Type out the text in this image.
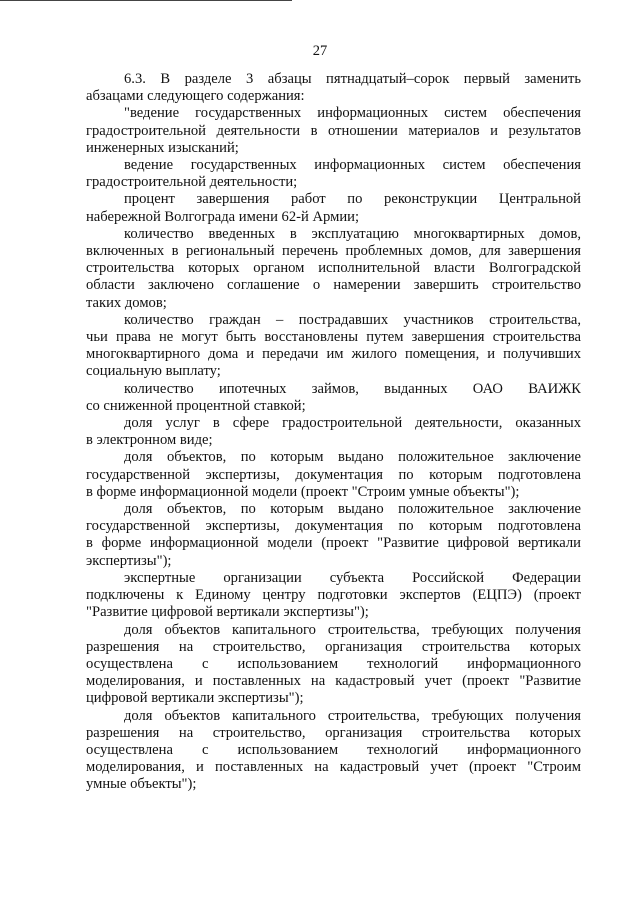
27
6.3. В разделе 3 абзацы пятнадцатый–сорок первый заменить
абзацами следующего содержания:
"ведение государственных информационных систем обеспечения
градостроительной деятельности в отношении материалов и результатов
инженерных изысканий;
ведение государственных информационных систем обеспечения
градостроительной деятельности;
процент завершения работ по реконструкции Центральной
набережной Волгограда имени 62-й Армии;
количество введенных в эксплуатацию многоквартирных домов,
включенных в региональный перечень проблемных домов, для завершения
строительства которых органом исполнительной власти Волгоградской
области заключено соглашение о намерении завершить строительство
таких домов;
количество граждан – пострадавших участников строительства,
чьи права не могут быть восстановлены путем завершения строительства
многоквартирного дома и передачи им жилого помещения, и получивших
социальную выплату;
количество ипотечных займов, выданных ОАО ВАИЖК
со сниженной процентной ставкой;
доля услуг в сфере градостроительной деятельности, оказанных
в электронном виде;
доля объектов, по которым выдано положительное заключение
государственной экспертизы, документация по которым подготовлена
в форме информационной модели (проект "Строим умные объекты");
доля объектов, по которым выдано положительное заключение
государственной экспертизы, документация по которым подготовлена
в форме информационной модели (проект "Развитие цифровой вертикали
экспертизы");
экспертные организации субъекта Российской Федерации
подключены к Единому центру подготовки экспертов (ЕЦПЭ) (проект
"Развитие цифровой вертикали экспертизы");
доля объектов капитального строительства, требующих получения
разрешения на строительство, организация строительства которых
осуществлена с использованием технологий информационного
моделирования, и поставленных на кадастровый учет (проект "Развитие
цифровой вертикали экспертизы");
доля объектов капитального строительства, требующих получения
разрешения на строительство, организация строительства которых
осуществлена с использованием технологий информационного
моделирования, и поставленных на кадастровый учет (проект "Строим
умные объекты");
